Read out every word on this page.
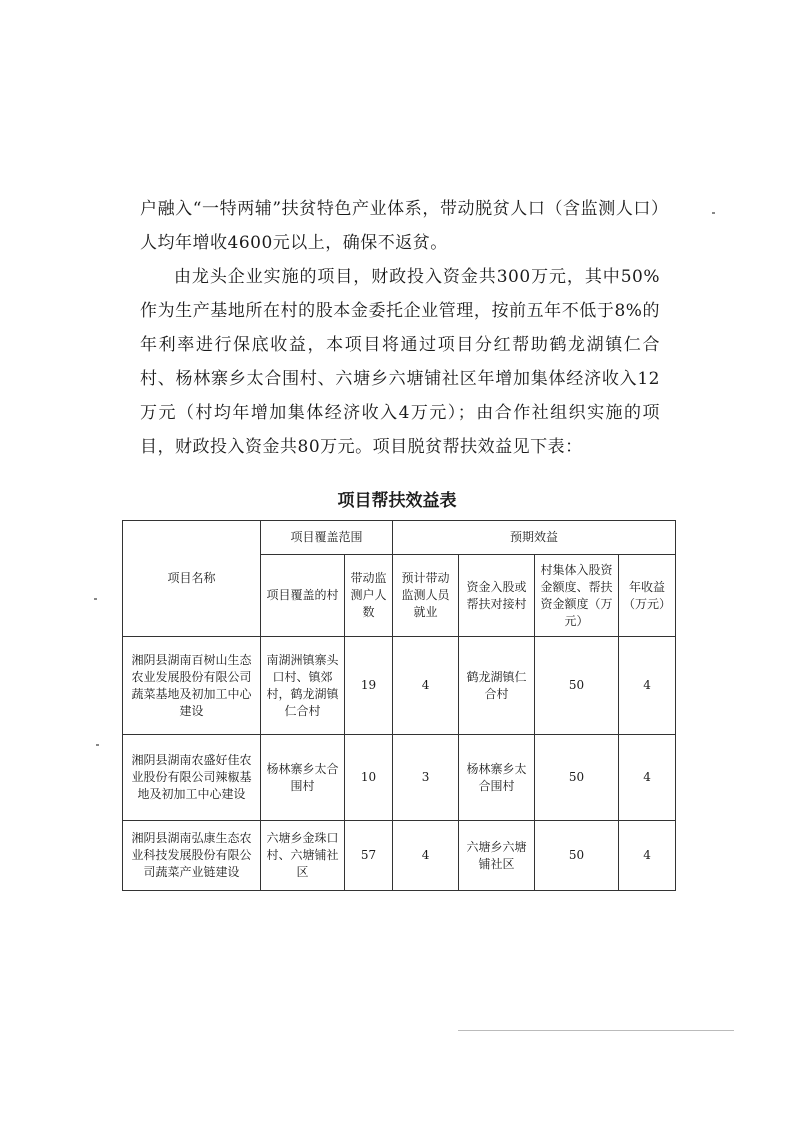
户融入“一特两辅”扶贫特色产业体系，带动脱贫人口（含监测人口）人均年增收4600元以上，确保不返贫。

由龙头企业实施的项目，财政投入资金共300万元，其中50%作为生产基地所在村的股本金委托企业管理，按前五年不低于8%的年利率进行保底收益，本项目将通过项目分红帮助鹤龙湖镇仁合村、杨林寨乡太合围村、六塘乡六塘铺社区年增加集体经济收入12万元（村均年增加集体经济收入4万元）；由合作社组织实施的项目，财政投入资金共80万元。项目脱贫帮扶效益见下表：

项目帮扶效益表
项目名称	项目覆盖范围		预期效益			
	项目覆盖的村	带动监测户人数	预计带动监测人员就业	资金入股或帮扶对接村	村集体入股资金额度、帮扶资金额度（万元）	年收益（万元）
湘阴县湖南百树山生态农业发展股份有限公司蔬菜基地及初加工中心建设	南湖洲镇寨头口村、镇郊村，鹤龙湖镇仁合村	19	4	鹤龙湖镇仁合村	50	4
湘阴县湖南农盛好佳农业股份有限公司辣椒基地及初加工中心建设	杨林寨乡太合围村	10	3	杨林寨乡太合围村	50	4
湘阴县湖南弘康生态农业科技发展股份有限公司蔬菜产业链建设	六塘乡金珠口村、六塘铺社区	57	4	六塘乡六塘铺社区	50	4
